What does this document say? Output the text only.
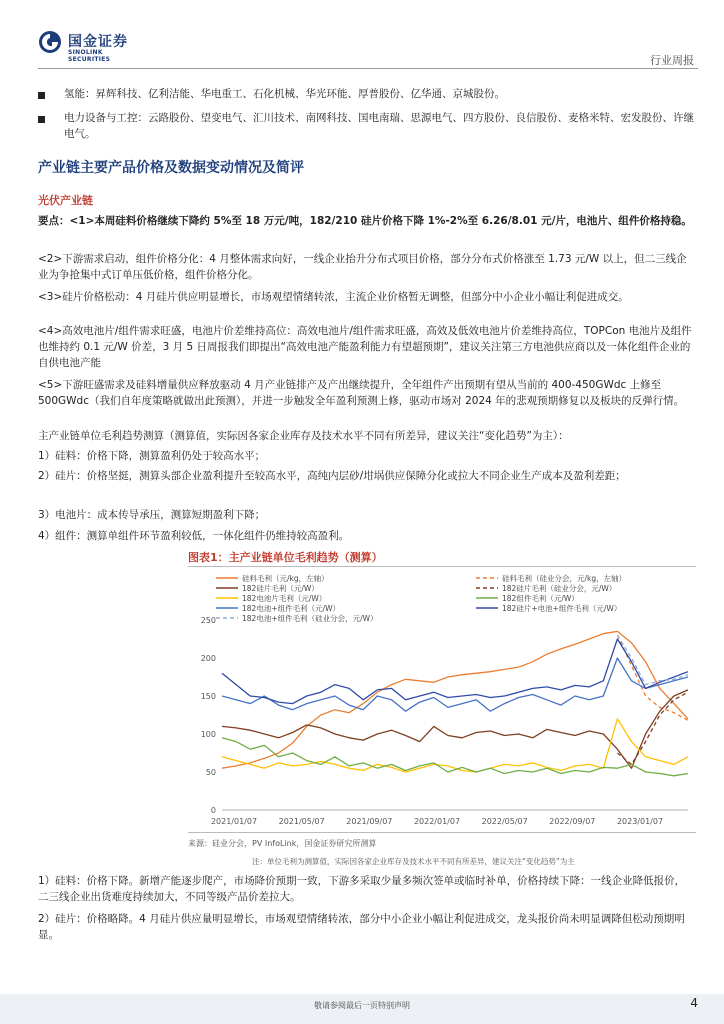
国金证券
SINOLINK SECURITIES	行业周报
氢能：昇辉科技、亿利洁能、华电重工、石化机械、华光环能、厚普股份、亿华通、京城股份。
电力设备与工控：云路股份、望变电气、汇川技术、南网科技、国电南瑞、思源电气、四方股份、良信股份、麦格米特、宏发股份、许继电气。
产业链主要产品价格及数据变动情况及简评
光伏产业链
要点：<1>本周硅料价格继续下降约 5%至 18 万元/吨，182/210 硅片价格下降 1%-2%至 6.26/8.01 元/片，电池片、组件价格持稳。
<2>下游需求启动，组件价格分化：4 月整体需求向好，一线企业抬升分布式项目价格，部分分布式价格涨至 1.73 元/W 以上，但二三线企业为争抢集中式订单压低价格，组件价格分化。
<3>硅片价格松动：4 月硅片供应明显增长，市场观望情绪转浓，主流企业价格暂无调整，但部分中小企业小幅让利促进成交。
<4>高效电池片/组件需求旺盛，电池片价差维持高位：高效电池片/组件需求旺盛，高效及低效电池片价差维持高位，TOPCon 电池片及组件也维持约 0.1 元/W 价差，3 月 5 日周报我们即提出“高效电池产能盈利能力有望超预期”，建议关注第三方电池供应商以及一体化组件企业的自供电池产能
<5>下游旺盛需求及硅料增量供应释放驱动 4 月产业链排产及产出继续提升，全年组件产出预期有望从当前的 400-450GWdc 上修至 500GWdc（我们自年度策略就做出此预测），并进一步触发全年盈利预测上修，驱动市场对 2024 年的悲观预期修复以及板块的反弹行情。
主产业链单位毛利趋势测算（测算值，实际因各家企业库存及技术水平不同有所差异，建议关注“变化趋势”为主）：
1）硅料：价格下降，测算盈利仍处于较高水平；
2）硅片：价格坚挺，测算头部企业盈利提升至较高水平，高纯内层砂/坩埚供应保障分化或拉大不同企业生产成本及盈利差距；
3）电池片：成本传导承压，测算短期盈利下降；
4）组件：测算单组件环节盈利较低，一体化组件仍维持较高盈利。
图表1：主产业链单位毛利趋势（测算）
硅料毛利（元/kg，左轴）	硅料毛利（硅业分会，元/kg，左轴）
182硅片毛利（元/W）	182硅片毛利（硅业分会，元/W）
182电池片毛利（元/W）	182组件毛利（元/W）
182电池+组件毛利（元/W）	182硅片+电池+组件毛利（元/W）
182电池+组件毛利（硅业分会，元/W）
0
50
100
150
200
250
2021/01/07	2021/05/07	2021/09/07	2022/01/07	2022/05/07	2022/09/07	2023/01/07
来源：硅业分会，PV InfoLink，国金证券研究所测算
注：单位毛利为测算值，实际因各家企业库存及技术水平不同有所差异，建议关注“变化趋势”为主
1）硅料：价格下降。新增产能逐步爬产，市场降价预期一致，下游多采取少量多频次签单或临时补单，价格持续下降：一线企业降低报价，二三线企业出货难度持续加大，不同等级产品价差拉大。
2）硅片：价格略降。4 月硅片供应量明显增长，市场观望情绪转浓，部分中小企业小幅让利促进成交，龙头报价尚未明显调降但松动预期明显。
敬请参阅最后一页特别声明	4
